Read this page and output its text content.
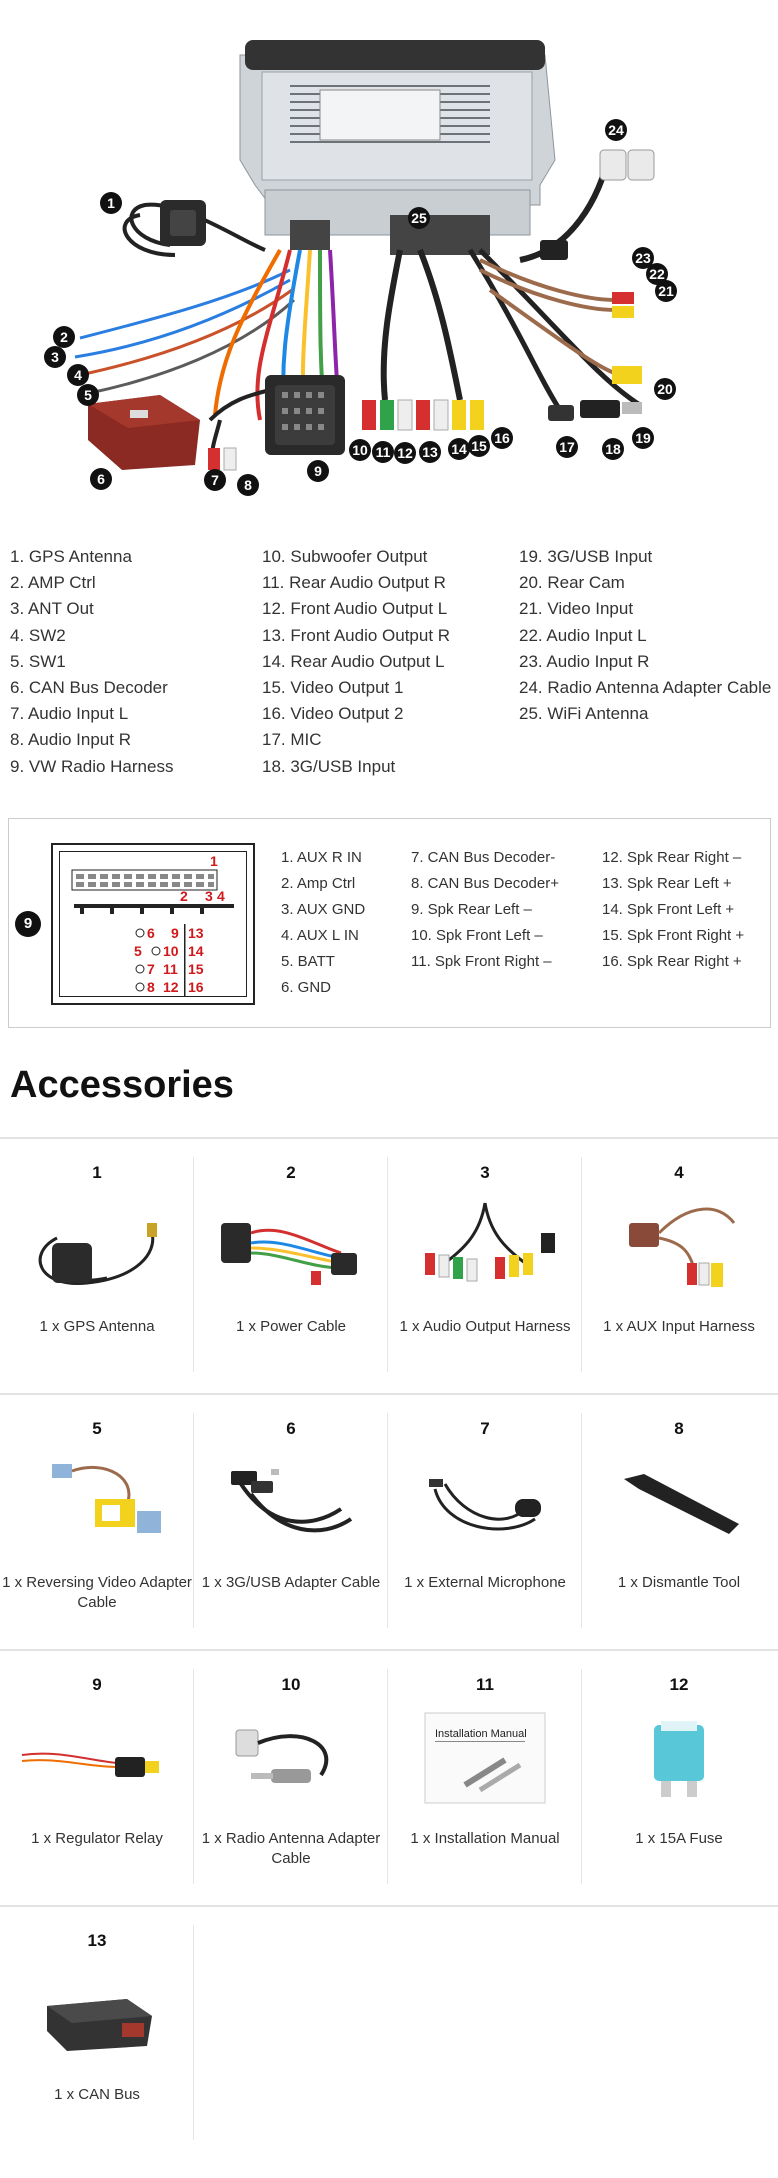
1
2
3
4
5
6	7 8
9
10 11 12 13 14 15 16
17 18
19
20
21
22
23
24
25
1. GPS Antenna
2. AMP Ctrl
3. ANT Out
4. SW2
5. SW1
6. CAN Bus Decoder
7. Audio Input L
8. Audio Input R
9. VW Radio Harness
10. Subwoofer Output
11. Rear Audio Output R
12. Front Audio Output L
13. Front Audio Output R
14. Rear Audio Output L
15. Video Output 1
16. Video Output 2
17. MIC
18. 3G/USB Input
19. 3G/USB Input
20. Rear Cam
21. Video Input
22. Audio Input L
23. Audio Input R
24. Radio Antenna Adapter Cable
25. WiFi Antenna
9
1
2 3 4
6 9 13
5 10 14
7 11 15
8 12 16
1. AUX R IN
2. Amp Ctrl
3. AUX GND
4. AUX L IN
5. BATT
6. GND
7. CAN Bus Decoder-
8. CAN Bus Decoder+
9. Spk Rear Left –
10. Spk Front Left –
11. Spk Front Right –
12. Spk Rear Right –
13. Spk Rear Left +
14. Spk Front Left +
15. Spk Front Right +
16. Spk Rear Right +
Accessories
1
1 x GPS Antenna
2
1 x Power Cable
3
1 x Audio Output Harness
4
1 x AUX Input Harness
5
1 x Reversing Video Adapter Cable
6
1 x 3G/USB Adapter Cable
7
1 x External Microphone
8
1 x Dismantle Tool
9
1 x Regulator Relay
10
1 x Radio Antenna Adapter Cable
11
Installation Manual
1 x Installation Manual
12
1 x 15A Fuse
13
1 x CAN Bus
